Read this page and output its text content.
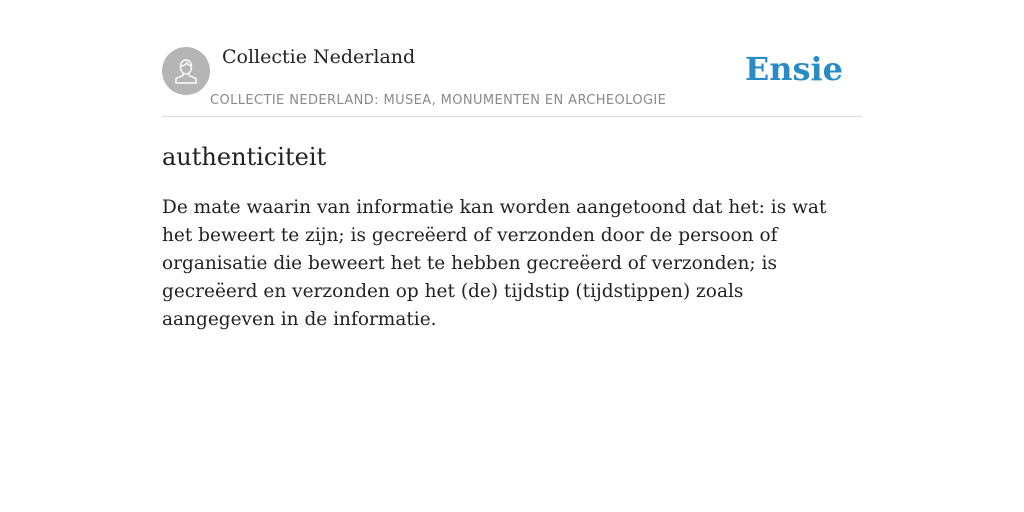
Collectie Nederland
COLLECTIE NEDERLAND: MUSEA, MONUMENTEN EN ARCHEOLOGIE
Ensie
authenticiteit

De mate waarin van informatie kan worden aangetoond dat het: is wat het beweert te zijn; is gecreëerd of verzonden door de persoon of organisatie die beweert het te hebben gecreëerd of verzonden; is gecreëerd en verzonden op het (de) tijdstip (tijdstippen) zoals aangegeven in de informatie.
